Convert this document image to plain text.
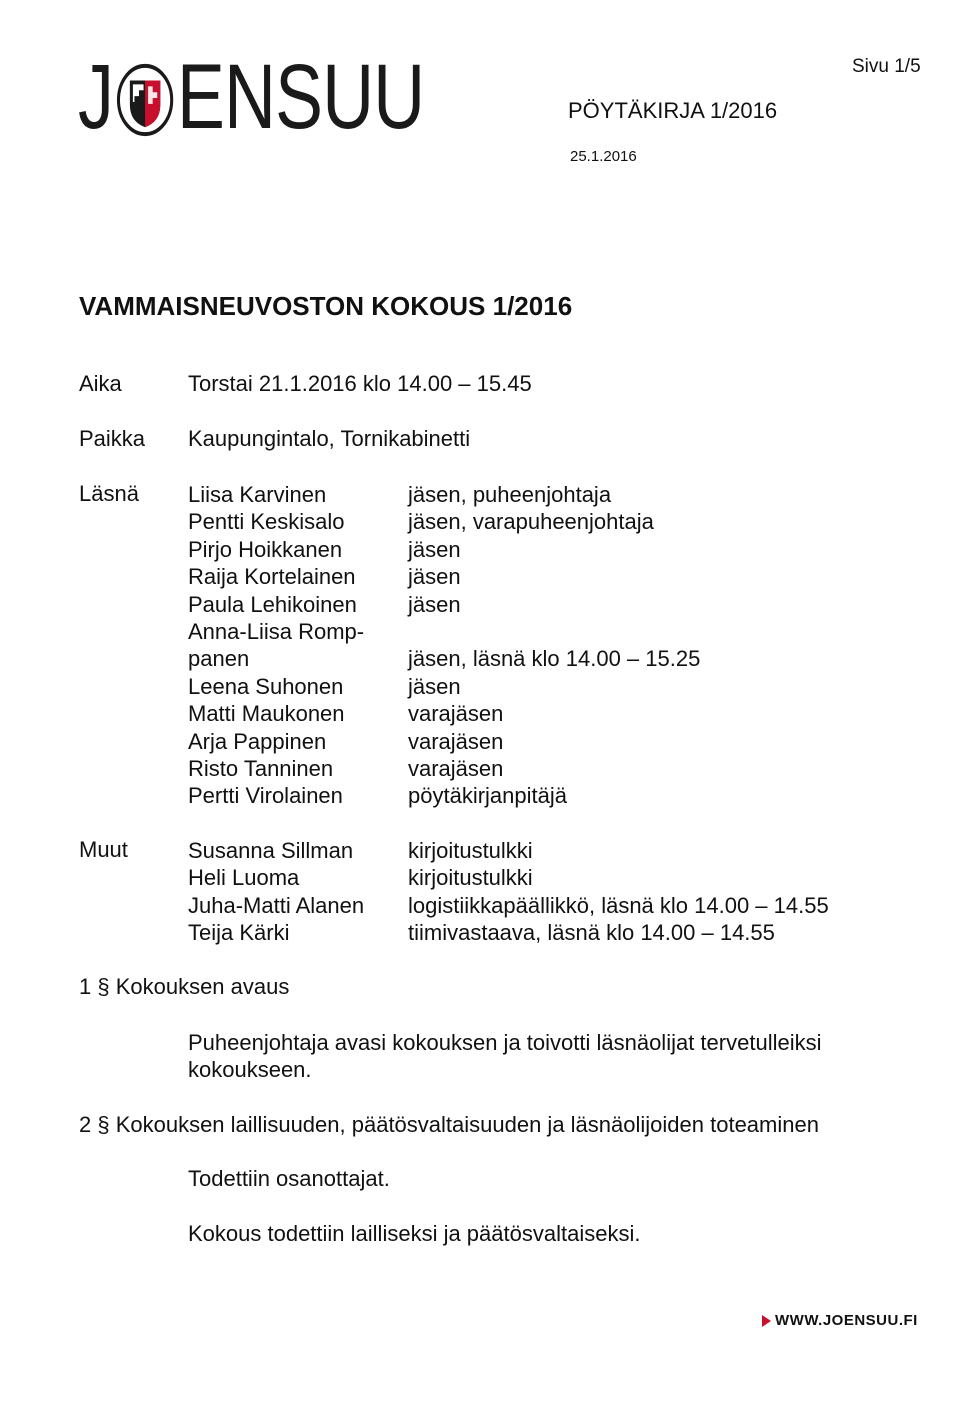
J ENSUU	Sivu 1/5
PÖYTÄKIRJA 1/2016
25.1.2016
VAMMAISNEUVOSTON KOKOUS 1/2016
Aika	Torstai 21.1.2016 klo 14.00 – 15.45
Paikka Kaupungintalo, Tornikabinetti
Läsnä Liisa Karvinen	jäsen, puheenjohtaja
Pentti Keskisalo	jäsen, varapuheenjohtaja
Pirjo Hoikkanen	jäsen
Raija Kortelainen jäsen
Paula Lehikoinen jäsen
Anna-Liisa Romp-
panen	jäsen, läsnä klo 14.00 – 15.25
Leena Suhonen	jäsen
Matti Maukonen	varajäsen
Arja Pappinen	varajäsen
Risto Tanninen	varajäsen
Pertti Virolainen	pöytäkirjanpitäjä
Muut	Susanna Sillman kirjoitustulkki
Heli Luoma	kirjoitustulkki
Juha-Matti Alanen logistiikkapäällikkö, läsnä klo 14.00 – 14.55
Teija Kärki	tiimivastaava, läsnä klo 14.00 – 14.55
1 § Kokouksen avaus
Puheenjohtaja avasi kokouksen ja toivotti läsnäolijat tervetulleiksi
kokoukseen.
2 § Kokouksen laillisuuden, päätösvaltaisuuden ja läsnäolijoiden toteaminen
Todettiin osanottajat.
Kokous todettiin lailliseksi ja päätösvaltaiseksi.
WWW.JOENSUU.FI
